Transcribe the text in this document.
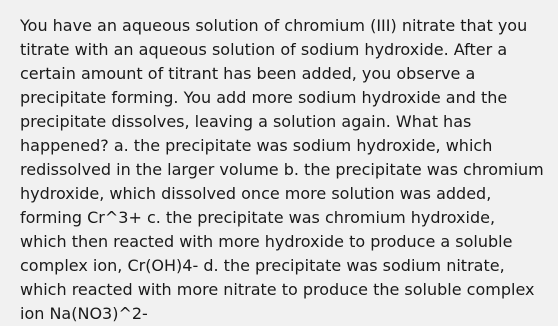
You have an aqueous solution of chromium (III) nitrate that you
titrate with an aqueous solution of sodium hydroxide. After a
certain amount of titrant has been added, you observe a
precipitate forming. You add more sodium hydroxide and the
precipitate dissolves, leaving a solution again. What has
happened? a. the precipitate was sodium hydroxide, which
redissolved in the larger volume b. the precipitate was chromium
hydroxide, which dissolved once more solution was added,
forming Cr^3+ c. the precipitate was chromium hydroxide,
which then reacted with more hydroxide to produce a soluble
complex ion, Cr(OH)4- d. the precipitate was sodium nitrate,
which reacted with more nitrate to produce the soluble complex
ion Na(NO3)^2-
